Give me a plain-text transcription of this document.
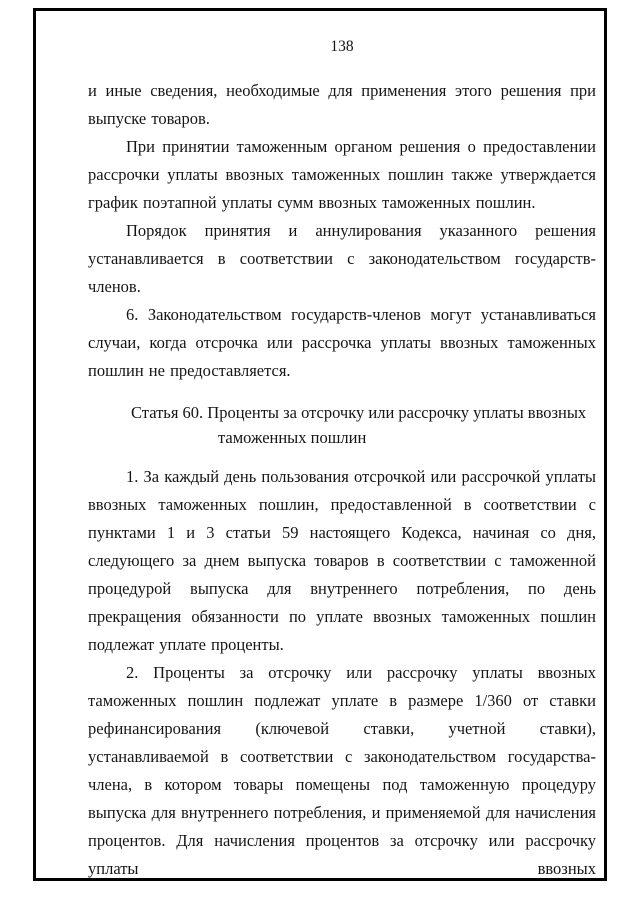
138

и иные сведения, необходимые для применения этого решения при выпуске товаров.

При принятии таможенным органом решения о предоставлении рассрочки уплаты ввозных таможенных пошлин также утверждается график поэтапной уплаты сумм ввозных таможенных пошлин.

Порядок принятия и аннулирования указанного решения устанавливается в соответствии с законодательством государств-членов.

6. Законодательством государств-членов могут устанавливаться случаи, когда отсрочка или рассрочка уплаты ввозных таможенных пошлин не предоставляется.

Статья 60. Проценты за отсрочку или рассрочку уплаты ввозных
таможенных пошлин

1. За каждый день пользования отсрочкой или рассрочкой уплаты ввозных таможенных пошлин, предоставленной в соответствии с пунктами 1 и 3 статьи 59 настоящего Кодекса, начиная со дня, следующего за днем выпуска товаров в соответствии с таможенной процедурой выпуска для внутреннего потребления, по день прекращения обязанности по уплате ввозных таможенных пошлин подлежат уплате проценты.

2. Проценты за отсрочку или рассрочку уплаты ввозных таможенных пошлин подлежат уплате в размере 1/360 от ставки рефинансирования (ключевой ставки, учетной ставки), устанавливаемой в соответствии с законодательством государства-члена, в котором товары помещены под таможенную процедуру выпуска для внутреннего потребления, и применяемой для начисления процентов. Для начисления процентов за отсрочку или рассрочку уплаты ввозных
